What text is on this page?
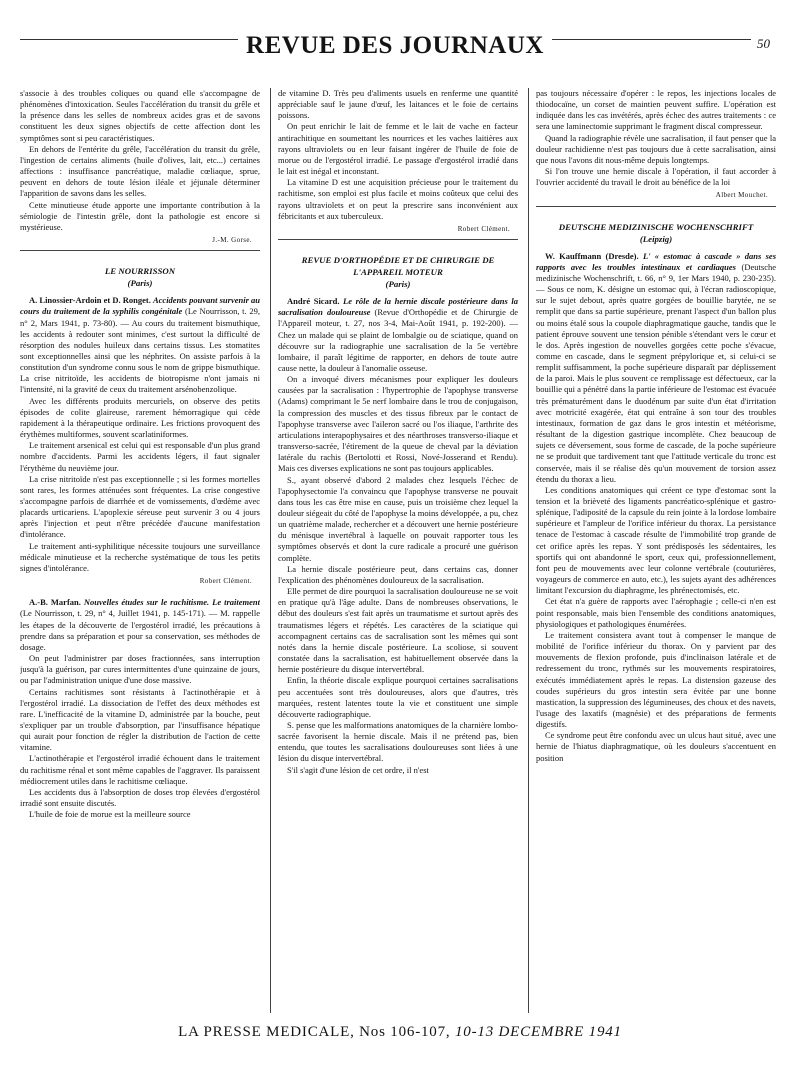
REVUE DES JOURNAUX	50

s'associe à des troubles coliques ou quand elle s'accompagne de phénomènes d'intoxication. Seules l'accélération du transit du grêle et la présence dans les selles de nombreux acides gras et de savons constituent les deux signes objectifs de cette affection dont les symptômes sont si peu caractéristiques.

En dehors de l'entérite du grêle, l'accélération du transit du grêle, l'ingestion de certains aliments (huile d'olives, lait, etc...) certaines affections : insuffisance pancréatique, maladie cœliaque, sprue, peuvent en dehors de toute lésion iléale et jéjunale déterminer l'apparition de savons dans les selles.

Cette minutieuse étude apporte une importante contribution à la sémiologie de l'intestin grêle, dont la pathologie est encore si mystérieuse.

J.-M. Gorse.
LE NOURRISSON
(Paris)

A. Linossier-Ardoin et D. Ronget. Accidents pouvant survenir au cours du traitement de la syphilis congénitale (Le Nourrisson, t. 29, n° 2, Mars 1941, p. 73-80). — Au cours du traitement bismuthique, les accidents à redouter sont minimes, c'est surtout la difficulté de résorption des nodules huileux dans certains tissus. Les stomatites sont exceptionnelles ainsi que les néphrites. On assiste parfois à la constitution d'un syndrome connu sous le nom de grippe bismuthique. La crise nitritoïde, les accidents de biotropisme n'ont jamais ni l'intensité, ni la gravité de ceux du traitement arsénobenzolique.

Avec les différents produits mercuriels, on observe des petits épisodes de colite glaireuse, rarement hémorragique qui cède rapidement à la thérapeutique ordinaire. Les frictions provoquent des érythèmes multiformes, souvent scarlatiniformes.

Le traitement arsenical est celui qui est responsable d'un plus grand nombre d'accidents. Parmi les accidents légers, il faut signaler l'érythème du neuvième jour.

La crise nitritoïde n'est pas exceptionnelle ; si les formes mortelles sont rares, les formes atténuées sont fréquentes. La crise congestive s'accompagne parfois de diarrhée et de vomissements, d'œdème avec placards urticariens. L'apoplexie séreuse peut survenir 3 ou 4 jours après l'injection et peut n'être précédée d'aucune manifestation d'intolérance.

Le traitement anti-syphilitique nécessite toujours une surveillance médicale minutieuse et la recherche systématique de tous les petits signes d'intolérance.

Robert Clément.

A.-B. Marfan. Nouvelles études sur le rachitisme. Le traitement (Le Nourrisson, t. 29, n° 4, Juillet 1941, p. 145-171). — M. rappelle les étapes de la découverte de l'ergostérol irradié, les précautions à prendre dans sa préparation et pour sa conservation, ses méthodes de dosage.

On peut l'administrer par doses fractionnées, sans interruption jusqu'à la guérison, par cures intermittentes d'une quinzaine de jours, ou par l'administration unique d'une dose massive.

Certains rachitismes sont résistants à l'actinothérapie et à l'ergostérol irradié. La dissociation de l'effet des deux méthodes est rare. L'inefficacité de la vitamine D, administrée par la bouche, peut s'expliquer par un trouble d'absorption, par l'insuffisance hépatique qui aurait pour fonction de régler la distribution de l'action de cette vitamine.

L'actinothérapie et l'ergostérol irradié échouent dans le traitement du rachitisme rénal et sont même capables de l'aggraver. Ils paraissent médiocrement utiles dans le rachitisme cœliaque.

Les accidents dus à l'absorption de doses trop élevées d'ergostérol irradié sont ensuite discutés.

L'huile de foie de morue est la meilleure source

de vitamine D. Très peu d'aliments usuels en renferme une quantité appréciable sauf le jaune d'œuf, les laitances et le foie de certains poissons.

On peut enrichir le lait de femme et le lait de vache en facteur antirachitique en soumettant les nourrices et les vaches laitières aux rayons ultraviolets ou en leur faisant ingérer de l'huile de foie de morue ou de l'ergostérol irradié. Le passage d'ergostérol irradié dans le lait est inégal et inconstant.

La vitamine D est une acquisition précieuse pour le traitement du rachitisme, son emploi est plus facile et moins coûteux que celui des rayons ultraviolets et on peut la prescrire sans inconvénient aux fébricitants et aux tuberculeux.

Robert Clément.
REVUE D'ORTHOPÉDIE ET DE CHIRURGIE DE L'APPAREIL MOTEUR
(Paris)

André Sicard. Le rôle de la hernie discale postérieure dans la sacralisation douloureuse (Revue d'Orthopédie et de Chirurgie de l'Appareil moteur, t. 27, nos 3-4, Mai-Août 1941, p. 192-200). — Chez un malade qui se plaint de lombalgie ou de sciatique, quand on découvre sur la radiographie une sacralisation de la 5e vertèbre lombaire, il paraît légitime de rapporter, en dehors de toute autre cause nette, la douleur à l'anomalie osseuse.

On a invoqué divers mécanismes pour expliquer les douleurs causées par la sacralisation : l'hypertrophie de l'apophyse transverse (Adams) comprimant le 5e nerf lombaire dans le trou de conjugaison, la compression des muscles et des tissus fibreux par le contact de l'apophyse transverse avec l'aileron sacré ou l'os iliaque, l'arthrite des articulations interapophysaires et des néarthroses transverso-iliaque et transverso-sacrée, l'étirement de la queue de cheval par la déviation latérale du rachis (Bertolotti et Rossi, Nové-Josserand et Rendu). Mais ces diverses explications ne sont pas toujours applicables.

S., ayant observé d'abord 2 malades chez lesquels l'échec de l'apophysectomie l'a convaincu que l'apophyse transverse ne pouvait dans tous les cas être mise en cause, puis un troisième chez lequel la douleur siégeait du côté de l'apophyse la moins développée, a pu, chez un quatrième malade, rechercher et a découvert une hernie postérieure du ménisque invertébral à laquelle on pouvait rapporter tous les symptômes observés et dont la cure radicale a procuré une guérison complète.

La hernie discale postérieure peut, dans certains cas, donner l'explication des phénomènes douloureux de la sacralisation.

Elle permet de dire pourquoi la sacralisation douloureuse ne se voit en pratique qu'à l'âge adulte. Dans de nombreuses observations, le début des douleurs s'est fait après un traumatisme et surtout après des traumatismes légers et répétés. Les caractères de la sciatique qui accompagnent certains cas de sacralisation sont les mêmes qui sont notés dans la hernie discale postérieure. La scoliose, si souvent constatée dans la sacralisation, est habituellement observée dans la hernie postérieure du disque intervertébral.

Enfin, la théorie discale explique pourquoi certaines sacralisations peu accentuées sont très douloureuses, alors que d'autres, très marquées, restent latentes toute la vie et constituent une simple découverte radiographique.

S. pense que les malformations anatomiques de la charnière lombo-sacrée favorisent la hernie discale. Mais il ne prétend pas, bien entendu, que toutes les sacralisations douloureuses sont liées à une lésion du disque intervertébral.

S'il s'agit d'une lésion de cet ordre, il n'est

pas toujours nécessaire d'opérer : le repos, les injections locales de thiodocaïne, un corset de maintien peuvent suffire. L'opération est indiquée dans les cas invétérés, après échec des autres traitements : ce sera une laminectomie supprimant le fragment discal compresseur.

Quand la radiographie révèle une sacralisation, il faut penser que la douleur rachidienne n'est pas toujours due à cette sacralisation, ainsi que nous l'avons dit nous-même depuis longtemps.

Si l'on trouve une hernie discale à l'opération, il faut accorder à l'ouvrier accidenté du travail le droit au bénéfice de la loi

Albert Mouchet.
DEUTSCHE MEDIZINISCHE WOCHENSCHRIFT
(Leipzig)

W. Kauffmann (Dresde). L' « estomac à cascade » dans ses rapports avec les troubles intestinaux et cardiaques (Deutsche medizinische Wochenschrift, t. 66, n° 9, 1er Mars 1940, p. 230-235). — Sous ce nom, K. désigne un estomac qui, à l'écran radioscopique, sur le sujet debout, après quatre gorgées de bouillie barytée, ne se remplit que dans sa partie supérieure, prenant l'aspect d'un ballon plus ou moins étalé sous la coupole diaphragmatique gauche, tandis que le patient éprouve souvent une tension pénible s'étendant vers le cœur et le dos. Après ingestion de nouvelles gorgées cette poche s'évacue, comme en cascade, dans le segment prépylorique et, si celui-ci se remplit suffisamment, la poche supérieure disparaît par déplissement de la paroi. Mais le plus souvent ce remplissage est défectueux, car la bouillie qui a pénétré dans la partie inférieure de l'estomac est évacuée très prématurément dans le duodénum par suite d'un état d'irritation avec motricité exagérée, état qui entraîne à son tour des troubles intestinaux, formation de gaz dans le gros intestin et météorisme, résultant de la digestion gastrique incomplète. Chez beaucoup de sujets ce déversement, sous forme de cascade, de la poche supérieure ne se produit que tardivement tant que l'attitude verticale du tronc est conservée, mais il se réalise dès qu'un mouvement de torsion assez étendu du thorax a lieu.

Les conditions anatomiques qui créent ce type d'estomac sont la tension et la brièveté des ligaments pancréatico-splénique et gastro-splénique, l'adiposité de la capsule du rein jointe à la lordose lombaire supérieure et l'ampleur de l'orifice inférieur du thorax. La persistance tenace de l'estomac à cascade résulte de l'immobilité trop grande de cet orifice après les repas. Y sont prédisposés les sédentaires, les sportifs qui ont abandonné le sport, ceux qui, professionnellement, font peu de mouvements avec leur colonne vertébrale (couturières, voyageurs de commerce en auto, etc.), les sujets ayant des adhérences limitant l'excursion du diaphragme, les phrénectomisés, etc.

Cet état n'a guère de rapports avec l'aérophagie ; celle-ci n'en est point responsable, mais bien l'ensemble des conditions anatomiques, physiologiques et pathologiques énumérées.

Le traitement consistera avant tout à compenser le manque de mobilité de l'orifice inférieur du thorax. On y parvient par des mouvements de flexion profonde, puis d'inclinaison latérale et de redressement du tronc, rythmés sur les mouvements respiratoires, exécutés immédiatement après le repas. La distension gazeuse des coudes supérieurs du gros intestin sera évitée par une bonne mastication, la suppression des légumineuses, des choux et des navets, l'usage des laxatifs (magnésie) et des préparations de ferments digestifs.

Ce syndrome peut être confondu avec un ulcus haut situé, avec une hernie de l'hiatus diaphragmatique, où les douleurs s'accentuent en position

LA PRESSE MEDICALE, Nos 106-107, 10-13 DECEMBRE 1941
